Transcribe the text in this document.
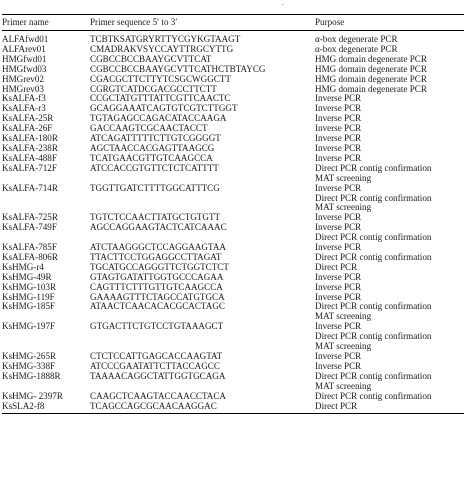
.
Primer name	Primer sequence 5′ to 3′	Purpose
ALFAfwd01	TCBTKSATGRYRTTYCGYKGTAAGT	α-box degenerate PCR

ALFArev01	CMADRAKVSYCCAYTTRGCYTTG	α-box degenerate PCR

HMGfwd01	CGBCCBCCBAAYGCVTTCAT	HMG domain degenerate PCR

HMGfwd03	CGBCCBCCBAAYGCVTTCATHCTBTAYCG	HMG domain degenerate PCR

HMGrev02	CGACGCTTCTTYTCSGCWGGCTT	HMG domain degenerate PCR

HMGrev03	CGRGTCATDCGACGCCTTCTT	HMG domain degenerate PCR

KsALFA-f3	CCGCTATGTTTATTCGTTCAACTC	Inverse PCR

KsALFA-r3	GCAGGAAATCAGTGTCGTCTTGGT	Inverse PCR

KsALFA-25R	TGTAGAGCCAGACATACCAAGA	Inverse PCR

KsALFA-26F	GACCAAGTCGCAACTACCT	Inverse PCR

KsALFA-180R	ATCAGATTTTTCTTGTCGGGGT	Inverse PCR

KsALFA-238R	AGCTAACCACGAGTTAAGCG	Inverse PCR

KsALFA-488F	TCATGAACGTTGTCAAGCCA	Inverse PCR

KsALFA-712F	ATCCACCGTGTTCTCTCATTTT	Direct PCR contig confirmation
MAT screening

KsALFA-714R	TGGTTGATCTTTTGGCATTTCG	Inverse PCR
Direct PCR contig confirmation
MAT screening

KsALFA-725R	TGTCTCCAACTTATGCTGTGTT	Inverse PCR

KsALFA-749F	AGCCAGGAAGTACTCATCAAAC	Inverse PCR
Direct PCR contig confirmation

KsALFA-785F	ATCTAAGGGCTCCAGGAAGTAA	Inverse PCR

KsALFA-806R	TTACTTCCTGGAGGCCTTAGAT	Direct PCR contig confirmation

KsHMG-r4	TGCATGCCAGGGTTCTGGTCTCT	Direct PCR

KsHMG-49R	GTAGTGATATTGGTGCCCAGAA	Inverse PCR

KsHMG-103R	CAGTTTCTTTGTTGTCAAGCCA	Inverse PCR

KsHMG-119F	GAAAAGTTTCTAGCCATGTGCA	Inverse PCR

KsHMG-185F	ATAACTCAACACACGCACTAGC	Direct PCR contig confirmation
MAT screening

KsHMG-197F	GTGACTTCTGTCCTGTAAAGCT	Inverse PCR
Direct PCR contig confirmation
MAT screening

KsHMG-265R	CTCTCCATTGAGCACCAAGTAT	Inverse PCR

KsHMG-338F	ATCCCGAATATTCTTACCAGCC	Inverse PCR

KsHMG-1888R	TAAAACAGGCTATTGGTGCAGA	Direct PCR contig confirmation
MAT screening

KsHMG- 2397R	CAAGCTCAAGTACCAACCTACA	Direct PCR contig confirmation

KsSLA2-f8	TCAGCCAGCGCAACAAGGAC	Direct PCR
